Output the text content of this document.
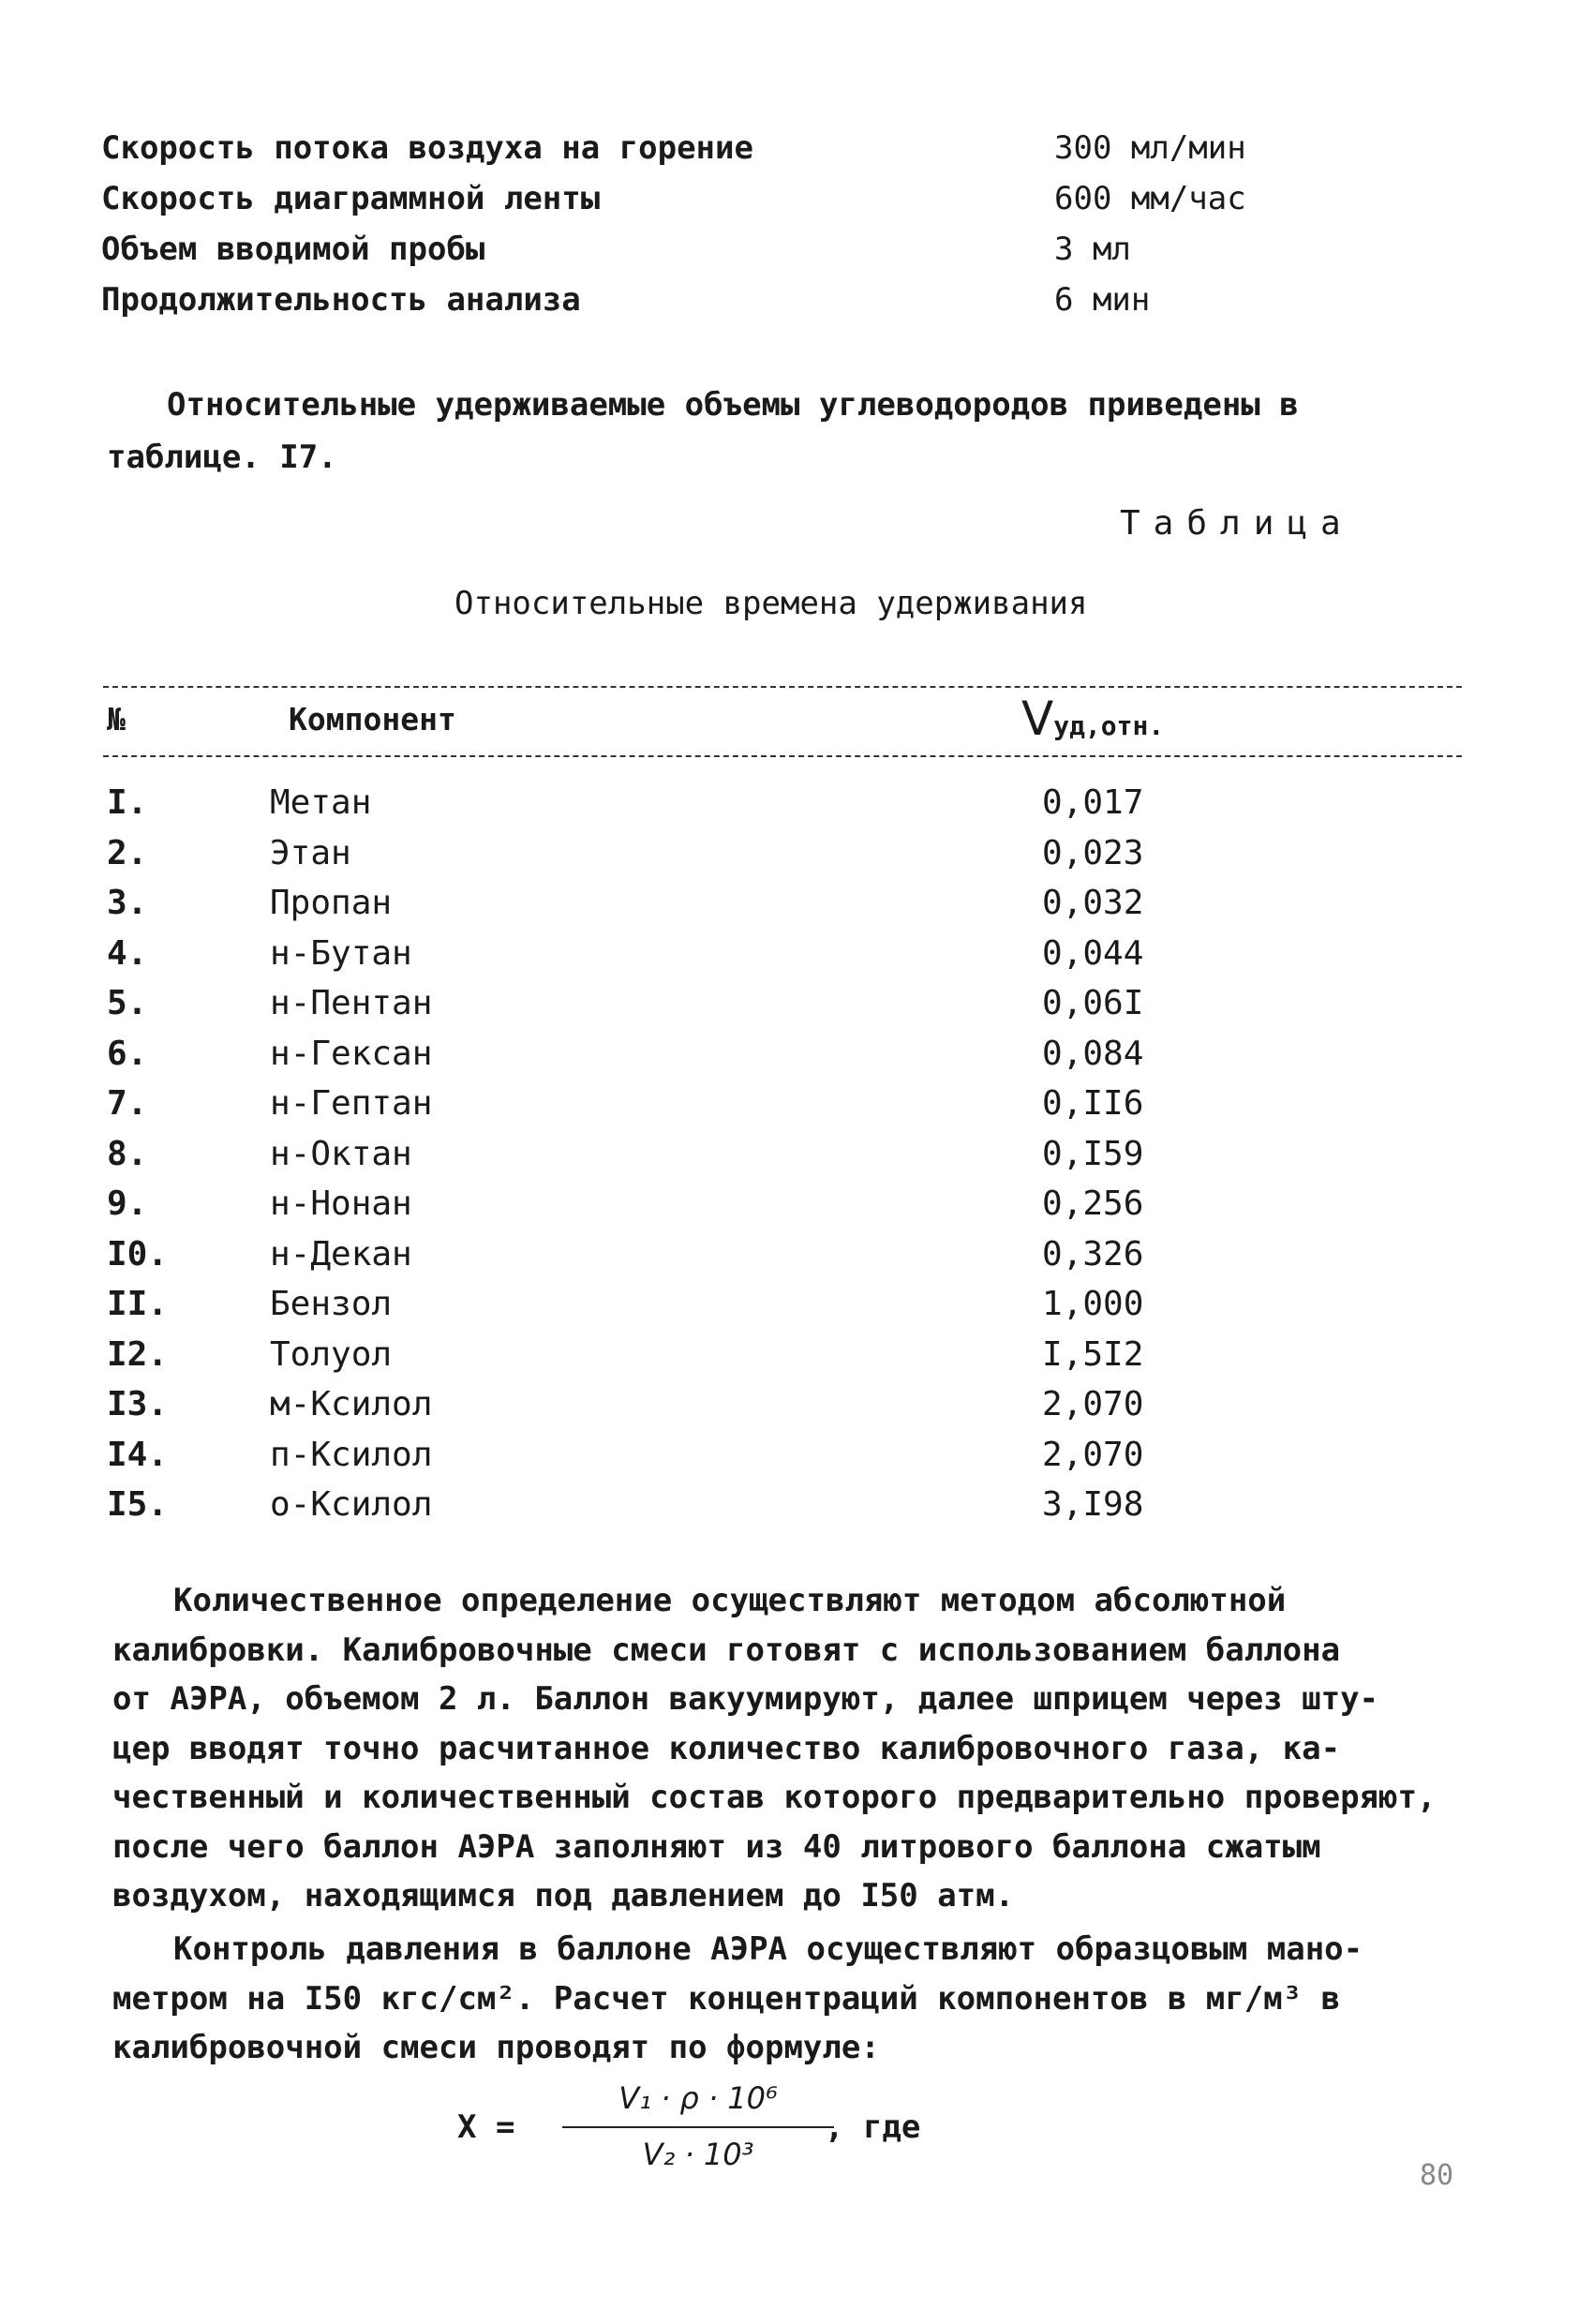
Скорость потока воздуха на горение	300 мл/мин
Скорость диаграммной ленты	600 мм/час
Объем вводимой пробы	3 мл
Продолжительность анализа	6 мин
Относительные удерживаемые объемы углеводородов приведены в
таблице. I7.
Таблица
Относительные времена удерживания
№	Компонент	Vуд,отн.
I.	Метан	0,017
2.	Этан	0,023
3.	Пропан	0,032
4.	н-Бутан	0,044
5.	н-Пентан	0,06I
6.	н-Гексан	0,084
7.	н-Гептан	0,II6
8.	н-Октан	0,I59
9.	н-Нонан	0,256
I0.	н-Декан	0,326
II.	Бензол	1,000
I2.	Толуол	I,5I2
I3.	м-Ксилол	2,070
I4.	п-Ксилол	2,070
I5.	о-Ксилол	3,I98
Количественное определение осуществляют методом абсолютной
калибровки. Калибровочные смеси готовят с использованием баллона
от АЭРА, объемом 2 л. Баллон вакуумируют, далее шприцем через шту-
цер вводят точно расчитанное количество калибровочного газа, ка-
чественный и количественный состав которого предварительно проверяют,
после чего баллон АЭРА заполняют из 40 литрового баллона сжатым
воздухом, находящимся под давлением до I50 атм.
Контроль давления в баллоне АЭРА осуществляют образцовым мано-
метром на I50 кгс/см². Расчет концентраций компонентов в мг/м³ в
калибровочной смеси проводят по формуле:
X =
V₁ · ρ · 10⁶
V₂ · 10³
, где
80
